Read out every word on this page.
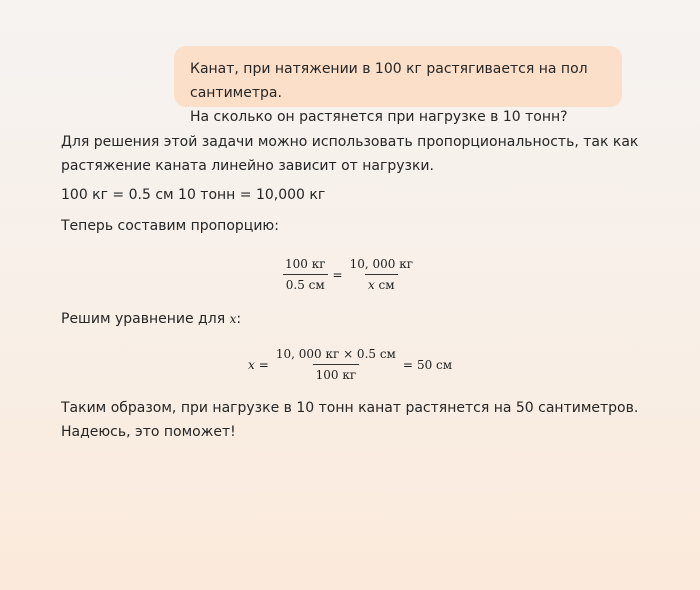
Канат, при натяжении в 100 кг растягивается на пол сантиметра.

На сколько он растянется при нагрузке в 10 тонн?

Для решения этой задачи можно использовать пропорциональность, так как растяжение каната линейно зависит от нагрузки.

100 кг = 0.5 см 10 тонн = 10,000 кг

Теперь составим пропорцию:

Решим уравнение для x:

Таким образом, при нагрузке в 10 тонн канат растянется на 50 сантиметров. Надеюсь, это поможет!

$\frac{100 кг}{0.5 см} = \frac{10, 000 кг}{\text{x см}}$
$x = \frac{10, 000 кг \times 0.5 см}{100 кг} = 50$ см
